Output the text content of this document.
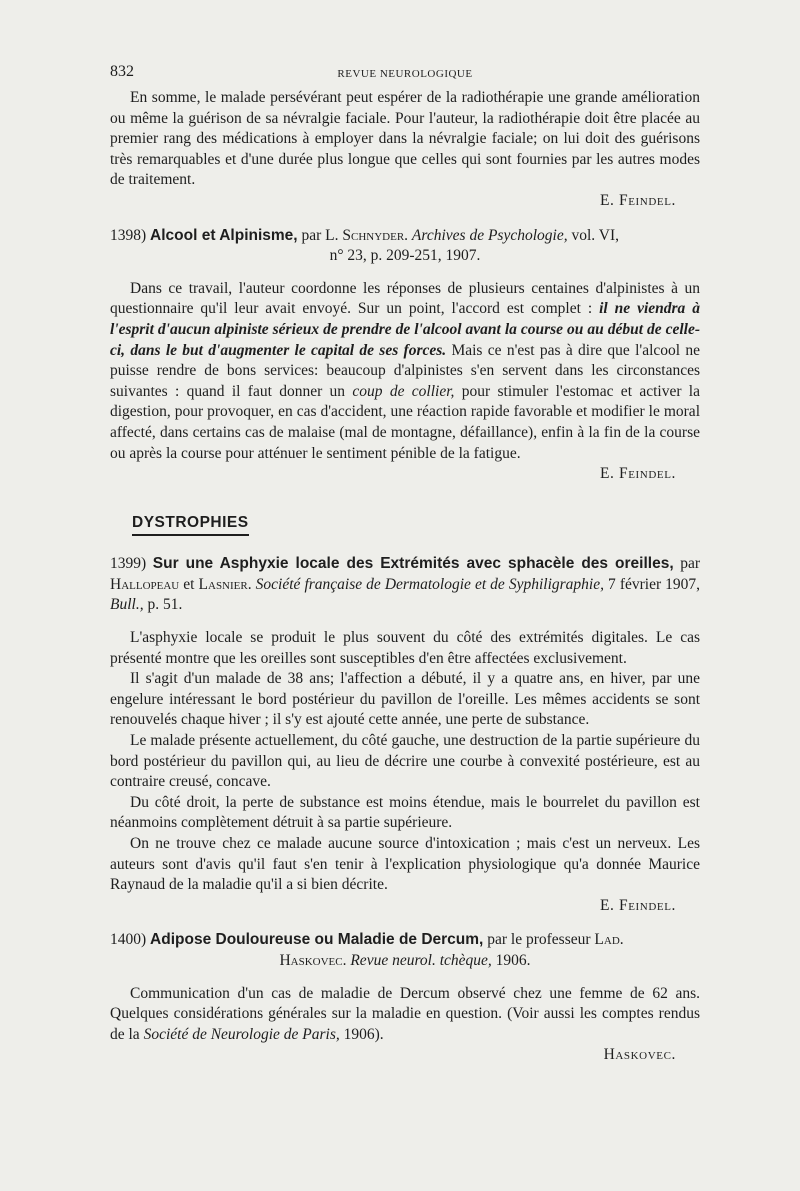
832	REVUE NEUROLOGIQUE

En somme, le malade persévérant peut espérer de la radiothérapie une grande amélioration ou même la guérison de sa névralgie faciale. Pour l'auteur, la radiothérapie doit être placée au premier rang des médications à employer dans la névralgie faciale; on lui doit des guérisons très remarquables et d'une durée plus longue que celles qui sont fournies par les autres modes de traitement.

E. Feindel.
1398) Alcool et Alpinisme, par L. Schnyder. Archives de Psychologie, vol. VI,
n° 23, p. 209-251, 1907.

Dans ce travail, l'auteur coordonne les réponses de plusieurs centaines d'alpinistes à un questionnaire qu'il leur avait envoyé. Sur un point, l'accord est complet : il ne viendra à l'esprit d'aucun alpiniste sérieux de prendre de l'alcool avant la course ou au début de celle-ci, dans le but d'augmenter le capital de ses forces. Mais ce n'est pas à dire que l'alcool ne puisse rendre de bons services: beaucoup d'alpinistes s'en servent dans les circonstances suivantes : quand il faut donner un coup de collier, pour stimuler l'estomac et activer la digestion, pour provoquer, en cas d'accident, une réaction rapide favorable et modifier le moral affecté, dans certains cas de malaise (mal de montagne, défaillance), enfin à la fin de la course ou après la course pour atténuer le sentiment pénible de la fatigue.

E. Feindel.
DYSTROPHIES
1399) Sur une Asphyxie locale des Extrémités avec sphacèle des oreilles, par Hallopeau et Lasnier. Société française de Dermatologie et de Syphiligraphie, 7 février 1907, Bull., p. 51.

L'asphyxie locale se produit le plus souvent du côté des extrémités digitales. Le cas présenté montre que les oreilles sont susceptibles d'en être affectées exclusivement.

Il s'agit d'un malade de 38 ans; l'affection a débuté, il y a quatre ans, en hiver, par une engelure intéressant le bord postérieur du pavillon de l'oreille. Les mêmes accidents se sont renouvelés chaque hiver ; il s'y est ajouté cette année, une perte de substance.

Le malade présente actuellement, du côté gauche, une destruction de la partie supérieure du bord postérieur du pavillon qui, au lieu de décrire une courbe à convexité postérieure, est au contraire creusé, concave.

Du côté droit, la perte de substance est moins étendue, mais le bourrelet du pavillon est néanmoins complètement détruit à sa partie supérieure.

On ne trouve chez ce malade aucune source d'intoxication ; mais c'est un nerveux. Les auteurs sont d'avis qu'il faut s'en tenir à l'explication physiologique qu'a donnée Maurice Raynaud de la maladie qu'il a si bien décrite.

E. Feindel.
1400) Adipose Douloureuse ou Maladie de Dercum, par le professeur Lad.
Haskovec. Revue neurol. tchèque, 1906.

Communication d'un cas de maladie de Dercum observé chez une femme de 62 ans. Quelques considérations générales sur la maladie en question. (Voir aussi les comptes rendus de la Société de Neurologie de Paris, 1906).

Haskovec.
